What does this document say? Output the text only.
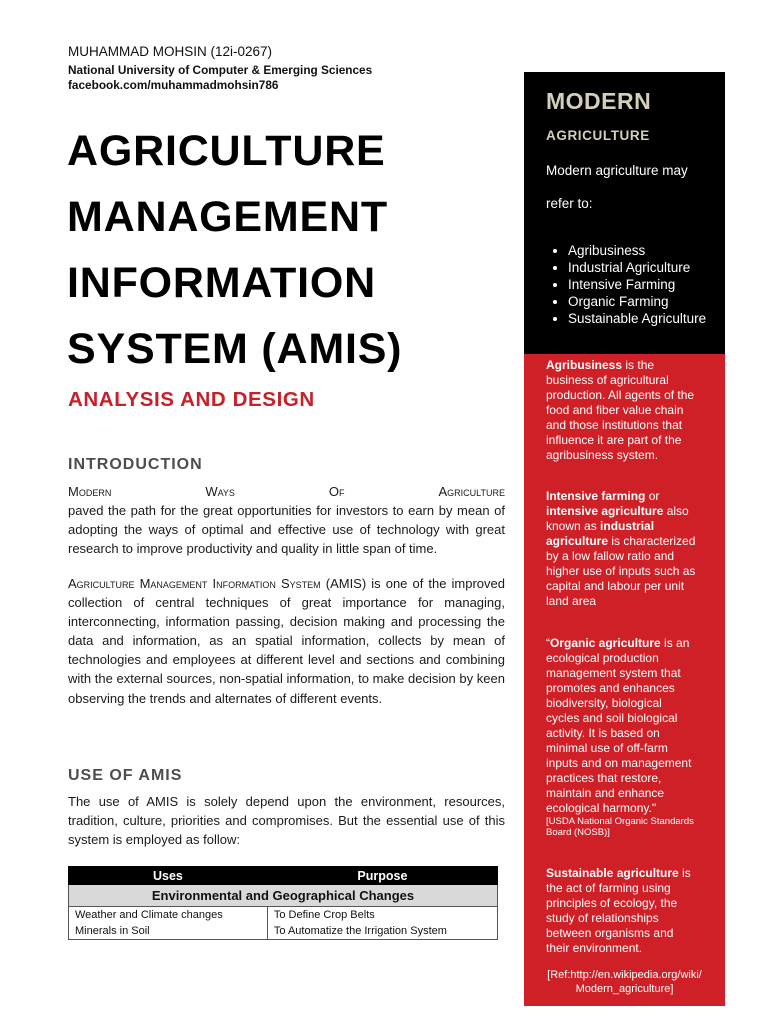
MUHAMMAD MOHSIN (12i-0267)
National University of Computer & Emerging Sciences
facebook.com/muhammadmohsin786
AGRICULTURE
MANAGEMENT
INFORMATION
SYSTEM (AMIS)
ANALYSIS AND DESIGN
INTRODUCTION
Modern	Ways	Of	Agriculture
paved the path for the great opportunities for investors to earn by mean of adopting the ways of optimal and effective use of technology with great research to improve productivity and quality in little span of time.
Agriculture Management Information System (AMIS) is one of the improved collection of central techniques of great importance for managing, interconnecting, information passing, decision making and processing the data and information, as an spatial information, collects by mean of technologies and employees at different level and sections and combining with the external sources, non-spatial information, to make decision by keen observing the trends and alternates of different events.
USE OF AMIS
The use of AMIS is solely depend upon the environment, resources, tradition, culture, priorities and compromises. But the essential use of this system is employed as follow:
Uses	Purpose
Environmental and Geographical Changes	
Weather and Climate changes	To Define Crop Belts
Minerals in Soil	To Automatize the Irrigation System
MODERN
AGRICULTURE
Modern agriculture may
refer to:
• Agribusiness
• Industrial Agriculture
• Intensive Farming
• Organic Farming
• Sustainable Agriculture
Agribusiness is the business of agricultural production. All agents of the food and fiber value chain and those institutions that influence it are part of the agribusiness system.
Intensive farming or intensive agriculture also known as industrial agriculture is characterized by a low fallow ratio and higher use of inputs such as capital and labour per unit land area
“Organic agriculture is an ecological production management system that promotes and enhances biodiversity, biological cycles and soil biological activity. It is based on minimal use of off-farm inputs and on management practices that restore, maintain and enhance ecological harmony."
[USDA National Organic Standards Board (NOSB)]
Sustainable agriculture is the act of farming using principles of ecology, the study of relationships between organisms and their environment.
[Ref:http://en.wikipedia.org/wiki/
Modern_agriculture]
